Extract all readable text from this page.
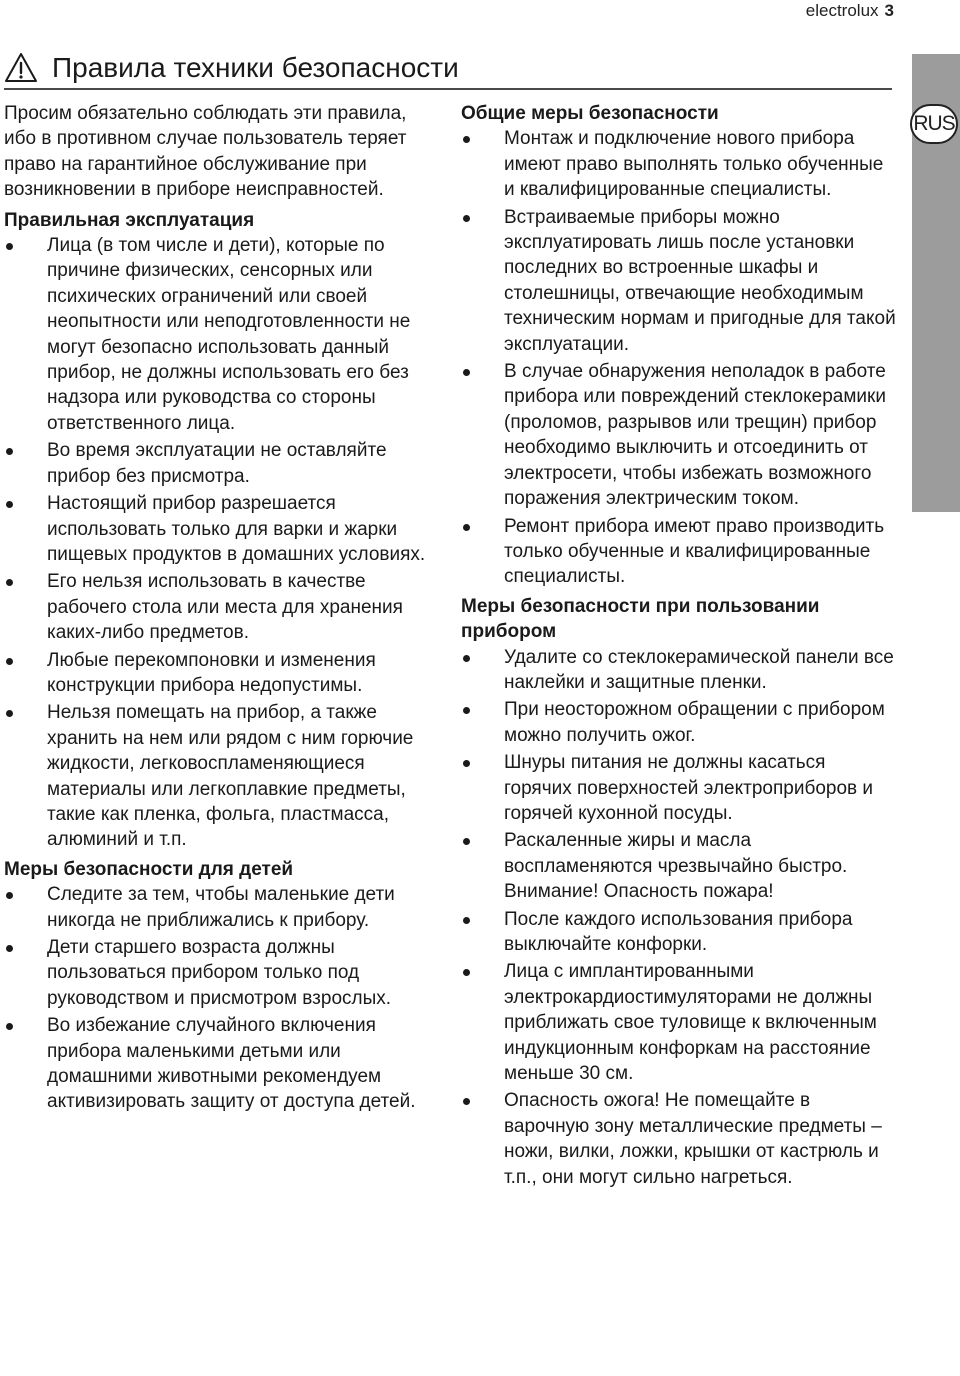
electrolux 3
RUS
Правила техники безопасности

Просим обязательно соблюдать эти правила, ибо в противном случае пользователь теряет право на гарантийное обслуживание при возникновении в приборе неисправностей.

Правильная эксплуатация
Лица (в том числе и дети), которые по причине физических, сенсорных или психических ограничений или своей неопытности или неподготовленности не могут безопасно использовать данный прибор, не должны использовать его без надзора или руководства со стороны ответственного лица.
Во время эксплуатации не оставляйте прибор без присмотра.
Настоящий прибор разрешается использовать только для варки и жарки пищевых продуктов в домашних условиях.
Его нельзя использовать в качестве рабочего стола или места для хранения каких-либо предметов.
Любые перекомпоновки и изменения конструкции прибора недопустимы.
Нельзя помещать на прибор, а также хранить на нем или рядом с ним горючие жидкости, легковоспламеняющиеся материалы или легкоплавкие предметы, такие как пленка, фольга, пластмасса, алюминий и т.п.
Меры безопасности для детей
Следите за тем, чтобы маленькие дети никогда не приближались к прибору.
Дети старшего возраста должны пользоваться прибором только под руководством и присмотром взрослых.
Во избежание случайного включения прибора маленькими детьми или домашними животными рекомендуем активизировать защиту от доступа детей.
Общие меры безопасности
Монтаж и подключение нового прибора имеют право выполнять только обученные и квалифицированные специалисты.
Встраиваемые приборы можно эксплуатировать лишь после установки последних во встроенные шкафы и столешницы, отвечающие необходимым техническим нормам и пригодные для такой эксплуатации.
В случае обнаружения неполадок в работе прибора или повреждений стеклокерамики (проломов, разрывов или трещин) прибор необходимо выключить и отсоединить от электросети, чтобы избежать возможного поражения электрическим током.
Ремонт прибора имеют право производить только обученные и квалифицированные специалисты.
Меры безопасности при пользовании прибором
Удалите со стеклокерамической панели все наклейки и защитные пленки.
При неосторожном обращении с прибором можно получить ожог.
Шнуры питания не должны касаться горячих поверхностей электроприборов и горячей кухонной посуды.
Раскаленные жиры и масла воспламеняются чрезвычайно быстро. Внимание! Опасность пожара!
После каждого использования прибора выключайте конфорки.
Лица с имплантированными электрокардиостимуляторами не должны приближать свое туловище к включенным индукционным конфоркам на расстояние меньше 30 см.
Опасность ожога! Не помещайте в варочную зону металлические предметы – ножи, вилки, ложки, крышки от кастрюль и т.п., они могут сильно нагреться.
